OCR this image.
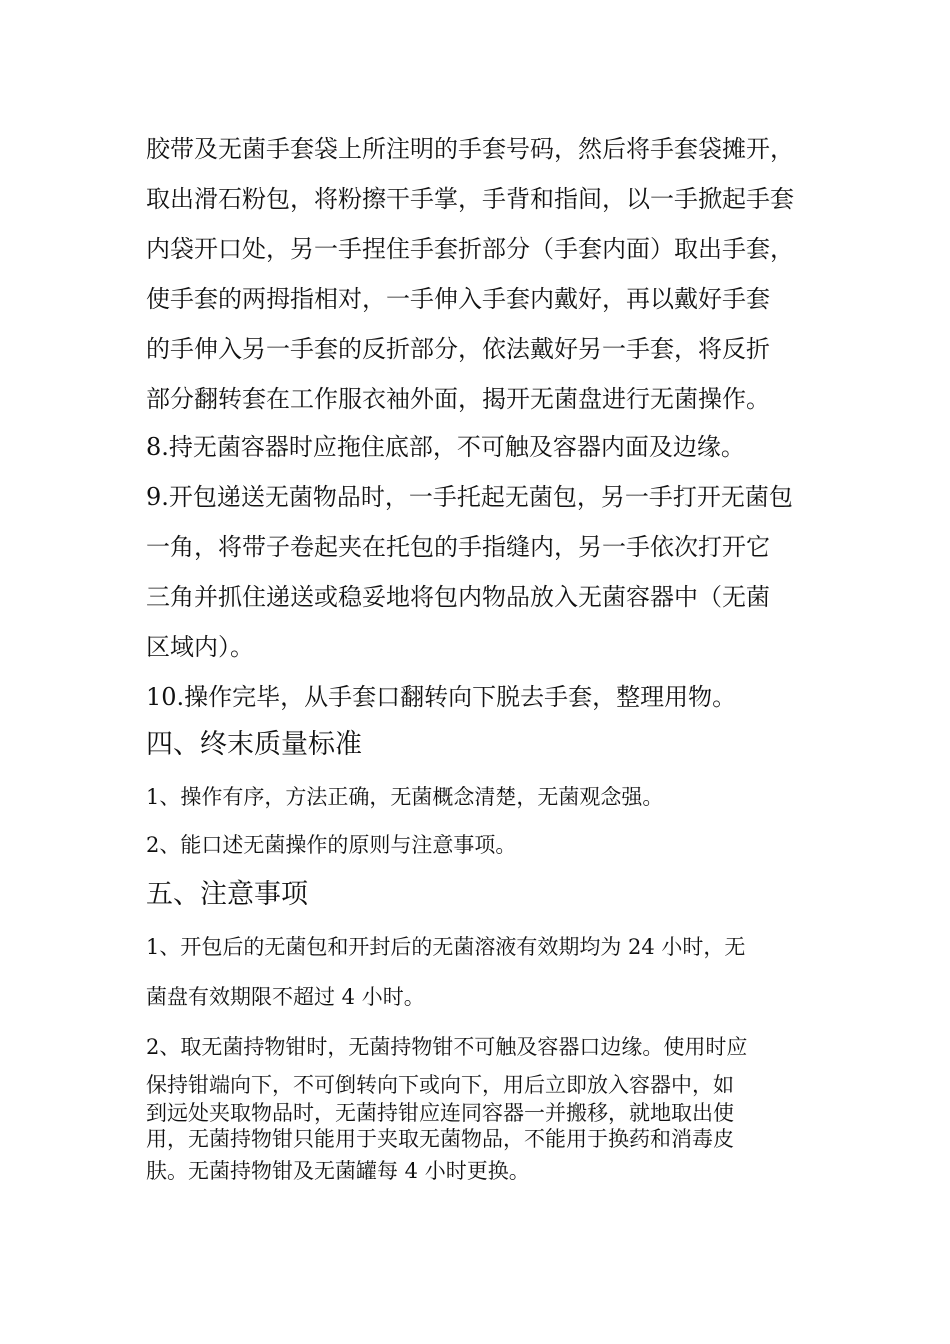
胶带及无菌手套袋上所注明的手套号码，然后将手套袋摊开，
取出滑石粉包，将粉擦干手掌，手背和指间，以一手掀起手套
内袋开口处，另一手捏住手套折部分（手套内面）取出手套，
使手套的两拇指相对，一手伸入手套内戴好，再以戴好手套
的手伸入另一手套的反折部分，依法戴好另一手套，将反折
部分翻转套在工作服衣袖外面，揭开无菌盘进行无菌操作。
8.持无菌容器时应拖住底部，不可触及容器内面及边缘。
9.开包递送无菌物品时，一手托起无菌包，另一手打开无菌包
一角，将带子卷起夹在托包的手指缝内，另一手依次打开它
三角并抓住递送或稳妥地将包内物品放入无菌容器中（无菌
区域内）。
10.操作完毕，从手套口翻转向下脱去手套，整理用物。
四、终末质量标准
1、操作有序，方法正确，无菌概念清楚，无菌观念强。
2、能口述无菌操作的原则与注意事项。
五、注意事项
1、开包后的无菌包和开封后的无菌溶液有效期均为 24 小时，无
菌盘有效期限不超过 4 小时。
2、取无菌持物钳时，无菌持物钳不可触及容器口边缘。使用时应
保持钳端向下，不可倒转向下或向下，用后立即放入容器中，如
到远处夹取物品时，无菌持钳应连同容器一并搬移，就地取出使
用，无菌持物钳只能用于夹取无菌物品，不能用于换药和消毒皮
肤。无菌持物钳及无菌罐每 4 小时更换。
